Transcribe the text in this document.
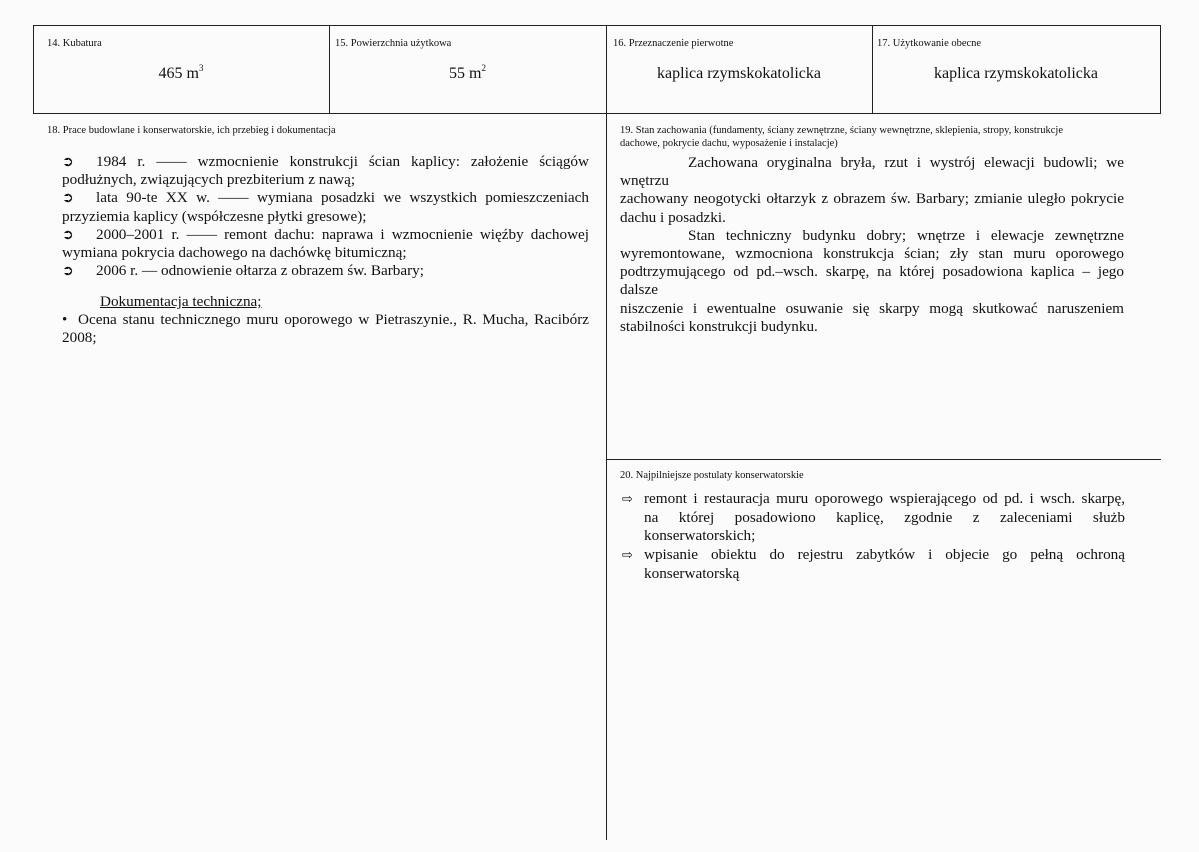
14. Kubatura
465 $m^3$
15. Powierzchnia użytkowa
55 $m^2$
16. Przeznaczenie pierwotne
kaplica rzymskokatolicka
17. Użytkowanie obecne
kaplica rzymskokatolicka
18. Prace budowlane i konserwatorskie, ich przebieg i dokumentacja
➲ 1984 r. –––– wzmocnienie konstrukcji ścian kaplicy: założenie ściągów
podłużnych, związujących prezbiterium z nawą;
➲ lata 90-te XX w. –––– wymiana posadzki we wszystkich pomieszczeniach
przyziemia kaplicy (współczesne płytki gresowe);
➲ 2000–2001 r. –––– remont dachu: naprawa i wzmocnienie więźby dachowej
wymiana pokrycia dachowego na dachówkę bitumiczną;
➲ 2006 r. — odnowienie ołtarza z obrazem św. Barbary;
Dokumentacja techniczna;
• Ocena stanu technicznego muru oporowego w Pietraszynie., R. Mucha, Racibórz
2008;
19. Stan zachowania (fundamenty, ściany zewnętrzne, ściany wewnętrzne, sklepienia, stropy, konstrukcje
dachowe, pokrycie dachu, wyposażenie i instalacje)
Zachowana oryginalna bryła, rzut i wystrój elewacji budowli; we wnętrzu
zachowany neogotycki ołtarzyk z obrazem św. Barbary; zmianie uległo pokrycie
dachu i posadzki.
Stan techniczny budynku dobry; wnętrze i elewacje zewnętrzne
wyremontowane, wzmocniona konstrukcja ścian; zły stan muru oporowego
podtrzymującego od pd.–wsch. skarpę, na której posadowiona kaplica – jego dalsze
niszczenie i ewentualne osuwanie się skarpy mogą skutkować naruszeniem
stabilności konstrukcji budynku.
20. Najpilniejsze postulaty konserwatorskie
⇨ remont i restauracja muru oporowego wspierającego od pd. i wsch. skarpę,
na której posadowiono kaplicę, zgodnie z zaleceniami służb
konserwatorskich;
⇨ wpisanie obiektu do rejestru zabytków i objecie go pełną ochroną
konserwatorską
